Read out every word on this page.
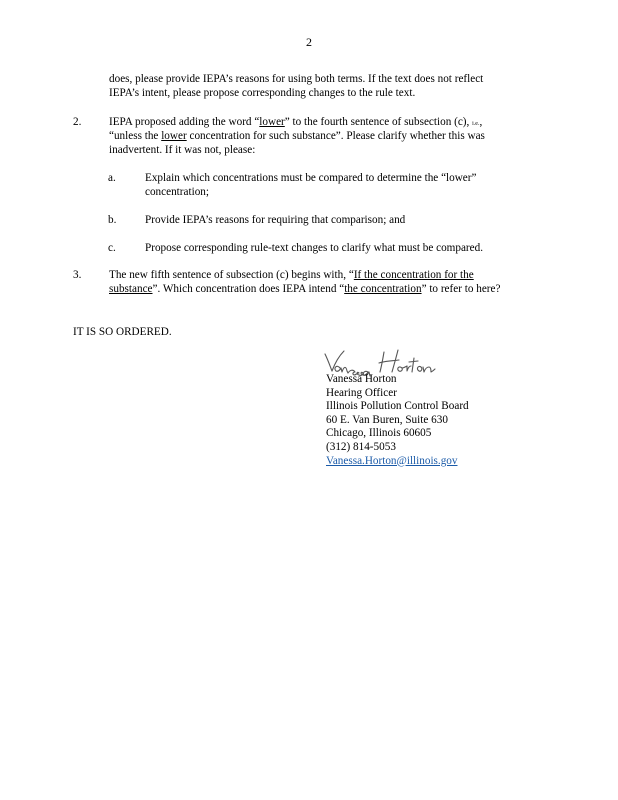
2
does, please provide IEPA’s reasons for using both terms. If the text does not reflect
IEPA’s intent, please propose corresponding changes to the rule text.
2. IEPA proposed adding the word “lower” to the fourth sentence of subsection (c), i.e.,
“unless the lower concentration for such substance”. Please clarify whether this was
inadvertent. If it was not, please:
a.	Explain which concentrations must be compared to determine the “lower”
concentration;
b.	Provide IEPA’s reasons for requiring that comparison; and
c.	Propose corresponding rule-text changes to clarify what must be compared.
3. The new fifth sentence of subsection (c) begins with, “If the concentration for the
substance”. Which concentration does IEPA intend “the concentration” to refer to here?
IT IS SO ORDERED.
Vanessa Horton
Hearing Officer
Illinois Pollution Control Board
60 E. Van Buren, Suite 630
Chicago, Illinois 60605
(312) 814-5053
Vanessa.Horton@illinois.gov
